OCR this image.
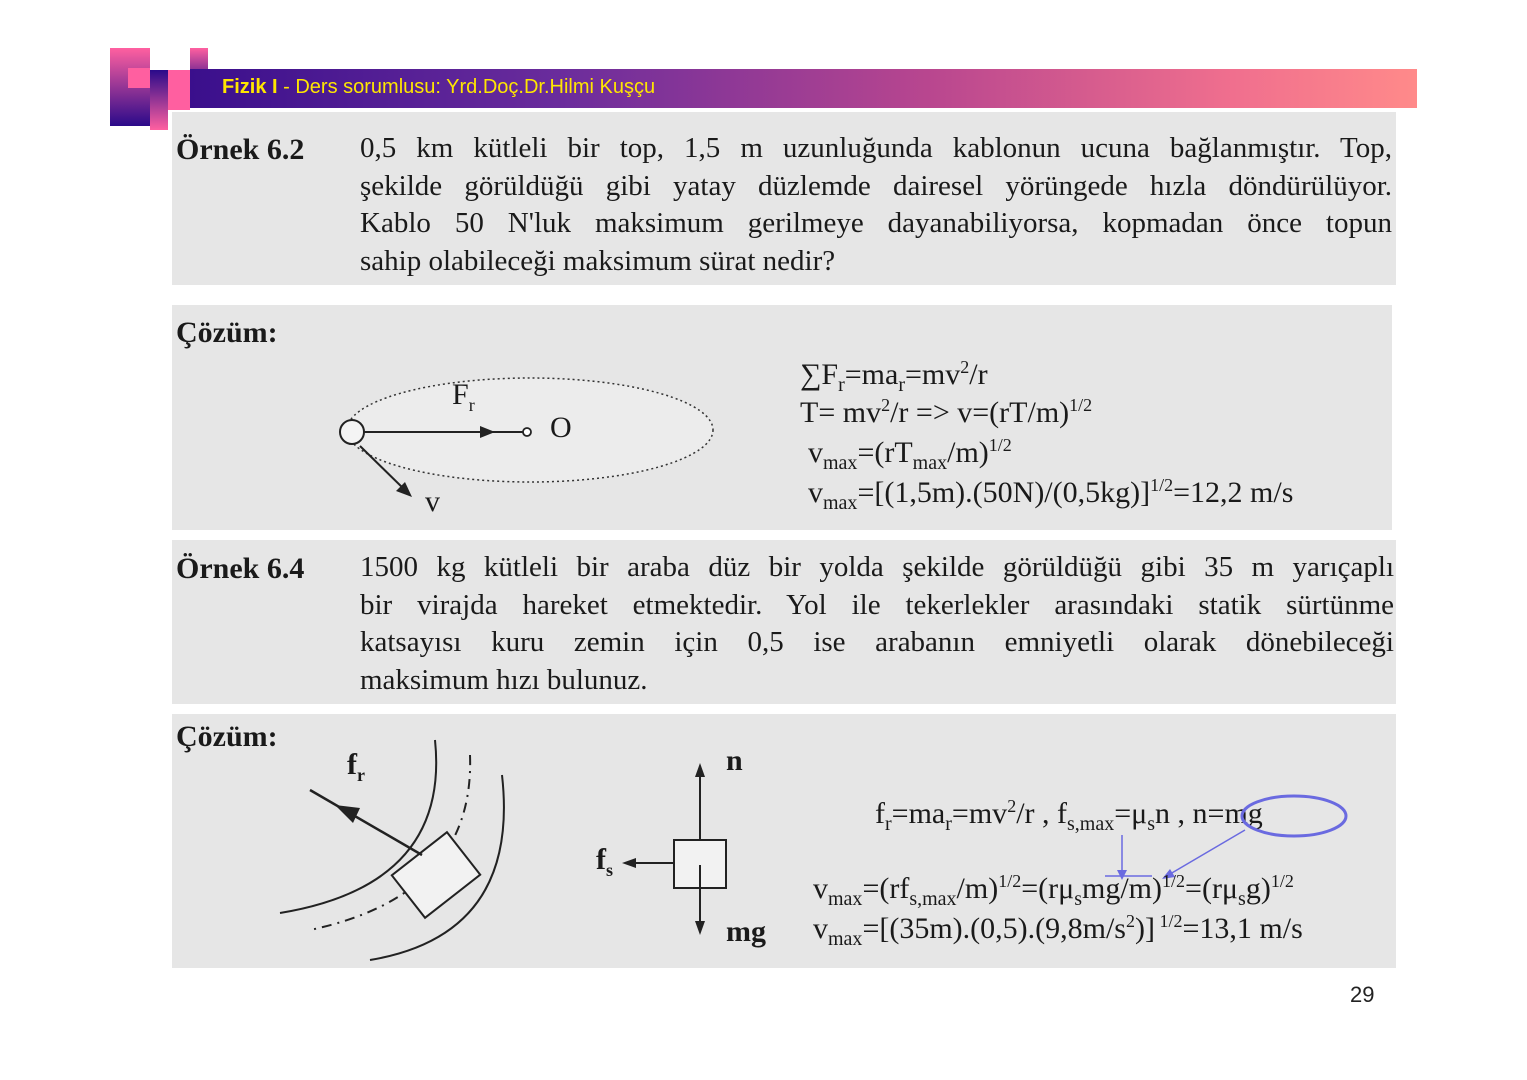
Fizik I - Ders sorumlusu: Yrd.Doç.Dr.Hilmi Kuşçu
Örnek 6.2 0,5 km kütleli bir top, 1,5 m uzunluğunda kablonun ucuna bağlanmıştır. Top,
şekilde görüldüğü gibi yatay düzlemde dairesel yörüngede hızla döndürülüyor.
Kablo 50 N'luk maksimum gerilmeye dayanabiliyorsa, kopmadan önce topun
sahip olabileceği maksimum sürat nedir?
Çözüm:
$F_r$
O
v
$\sum F_r=ma_r=mv^2/r$
$T= mv^2/r => v=(rT/m)^{1/2}$
$v_{max}=(rT_{max}/m)^{1/2}$
$v_{max}=[(1,5m).(50N)/(0,5kg)]^{1/2}=12,2$ m/s
Örnek 6.4 1500 kg kütleli bir araba düz bir yolda şekilde görüldüğü gibi 35 m yarıçaplı
bir virajda hareket etmektedir. Yol ile tekerlekler arasındaki statik sürtünme
katsayısı kuru zemin için 0,5 ise arabanın emniyetli olarak dönebileceği
maksimum hızı bulunuz.
Çözüm:
$f_r$	n
$f_s$
mg
$f_r=ma_r=mv^2/r$ , $f_{s,max}=\mu_sn$ , n=mg
$v_{max}=(rf_{s,max}/m)^{1/2}=(r\mu_smg/m)^{1/2}=(r\mu_sg)^{1/2}$
$v_{max}=[(35m).(0,5).(9,8m/s^2)]$ $^{1/2}$=13,1 m/s
29
